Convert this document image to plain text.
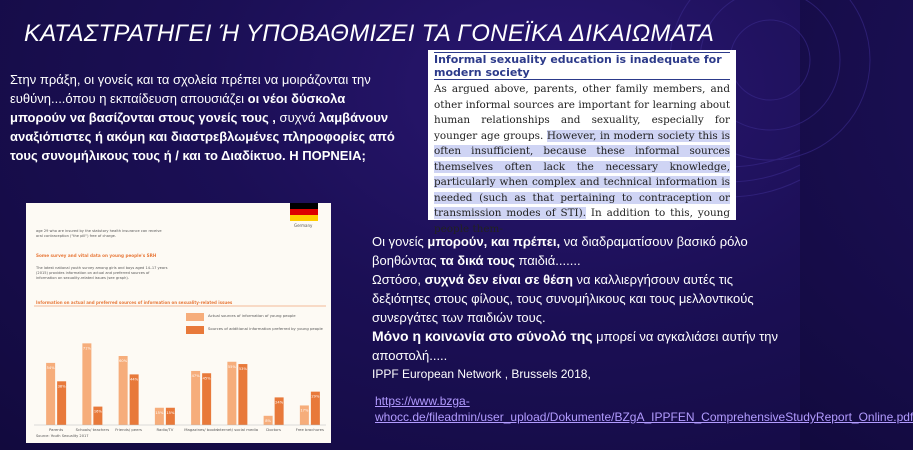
ΚΑΤΑΣΤΡΑΤΗΓΕΙ Ή ΥΠΟΒΑΘΜΙΖΕΙ ΤΑ ΓΟΝΕΪΚΑ ΔΙΚΑΙΩΜΑΤΑ
Στην πράξη, οι γονείς και τα σχολεία πρέπει να μοιράζονται την ευθύνη....όπου η εκπαίδευση απουσιάζει οι νέοι δύσκολα μπορούν να βασίζονται στους γονείς τους , συχνά λαμβάνουν αναξιόπιστες ή ακόμη και διαστρεβλωμένες πληροφορίες από τους συνομήλικους τους ή / και το Διαδίκτυο. Η ΠΟΡΝΕΙΑ;
Informal sexuality education is inadequate for
modern society
As argued above, parents, other family members, and other informal sources are important for learning about human relationships and sexuality, especially for younger age groups. However, in modern society this is often insufficient, because these informal sources themselves often lack the necessary knowledge, particularly when complex and technical information is needed (such as that pertaining to contraception or transmission modes of STI). In addition to this, young people them-
Germany
age 29 who are insured by the statutory health insurance can receive oral contraception ("the pill") free of charge.
Some survey and vital data on young people's SRH
The latest national youth survey among girls and boys aged 14–17 years (2015) provides information on actual and preferred sources of information on sexuality-related issues (see graph).
Information on actual and preferred sources of information on sexuality-related issues
Actual sources of information of young people
Sources of additional information preferred by young people
54%
38%
Parents
71%
16%
Schools/ teachers
60%
44%
Friends/ peers
15% 15%
Radio/TV
47%
45%
Magazines/ books
55%
53%
Internet/ social media
8%
24%
Doctors
17%
29%
Free brochures
Source: Youth Sexuality 2017
Οι γονείς μπορούν, και πρέπει, να διαδραματίσουν βασικό ρόλο βοηθώντας τα δικά τους παιδιά.......
Ωστόσο, συχνά δεν είναι σε θέση να καλλιεργήσουν αυτές τις δεξιότητες στους φίλους, τους συνομήλικους και τους μελλοντικούς συνεργάτες των παιδιών τους.
Μόνο η κοινωνία στο σύνολό της μπορεί να αγκαλιάσει αυτήν την αποστολή.....
IPPF European Network , Brussels 2018,
https://www.bzga-whocc.de/fileadmin/user_upload/Dokumente/BZgA_IPPFEN_ComprehensiveStudyReport_Online.pdf
